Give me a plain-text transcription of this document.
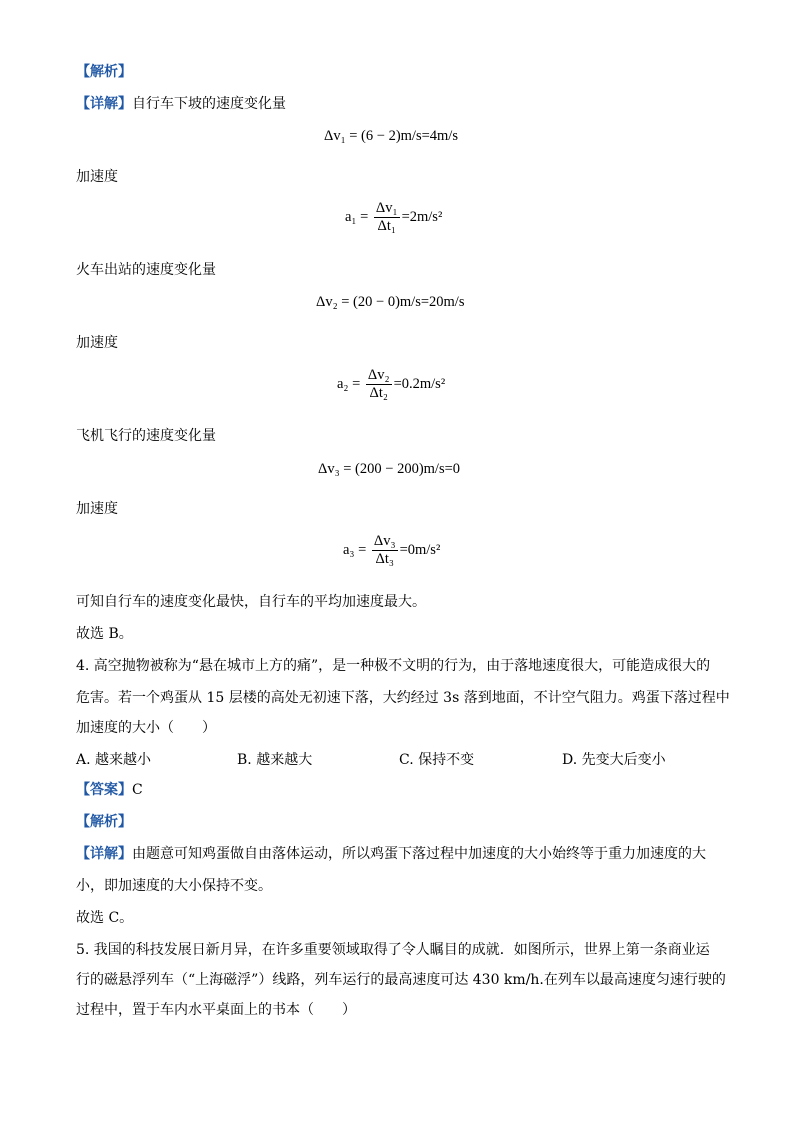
【解析】
【详解】自行车下坡的速度变化量
Δv₁ = (6 − 2)m/s=4m/s
加速度
$a_1 = \frac{\text{Δv₁}}{\text{Δt₁}} =2m/s^2$
火车出站的速度变化量
Δv₂ = (20 − 0)m/s=20m/s
加速度
$a_2 = \frac{\text{Δv₂}}{\text{Δt₂}} =0.2m/s^2$
飞机飞行的速度变化量
Δv₃ = (200 − 200)m/s=0
加速度
$a_3 = \frac{\text{Δv₃}}{\text{Δt₃}} =0m/s^2$
可知自行车的速度变化最快，自行车的平均加速度最大。
故选 B。
4. 高空抛物被称为“悬在城市上方的痛”，是一种极不文明的行为，由于落地速度很大，可能造成很大的
危害。若一个鸡蛋从 15 层楼的高处无初速下落，大约经过 3s 落到地面，不计空气阻力。鸡蛋下落过程中
加速度的大小（　　）
A. 越来越小	B. 越来越大	C. 保持不变	D. 先变大后变小
【答案】C
【解析】
【详解】由题意可知鸡蛋做自由落体运动，所以鸡蛋下落过程中加速度的大小始终等于重力加速度的大
小，即加速度的大小保持不变。
故选 C。
5. 我国的科技发展日新月异，在许多重要领域取得了令人瞩目的成就．如图所示，世界上第一条商业运
行的磁悬浮列车（“上海磁浮”）线路，列车运行的最高速度可达 430 km/h.在列车以最高速度匀速行驶的
过程中，置于车内水平桌面上的书本（　　）
